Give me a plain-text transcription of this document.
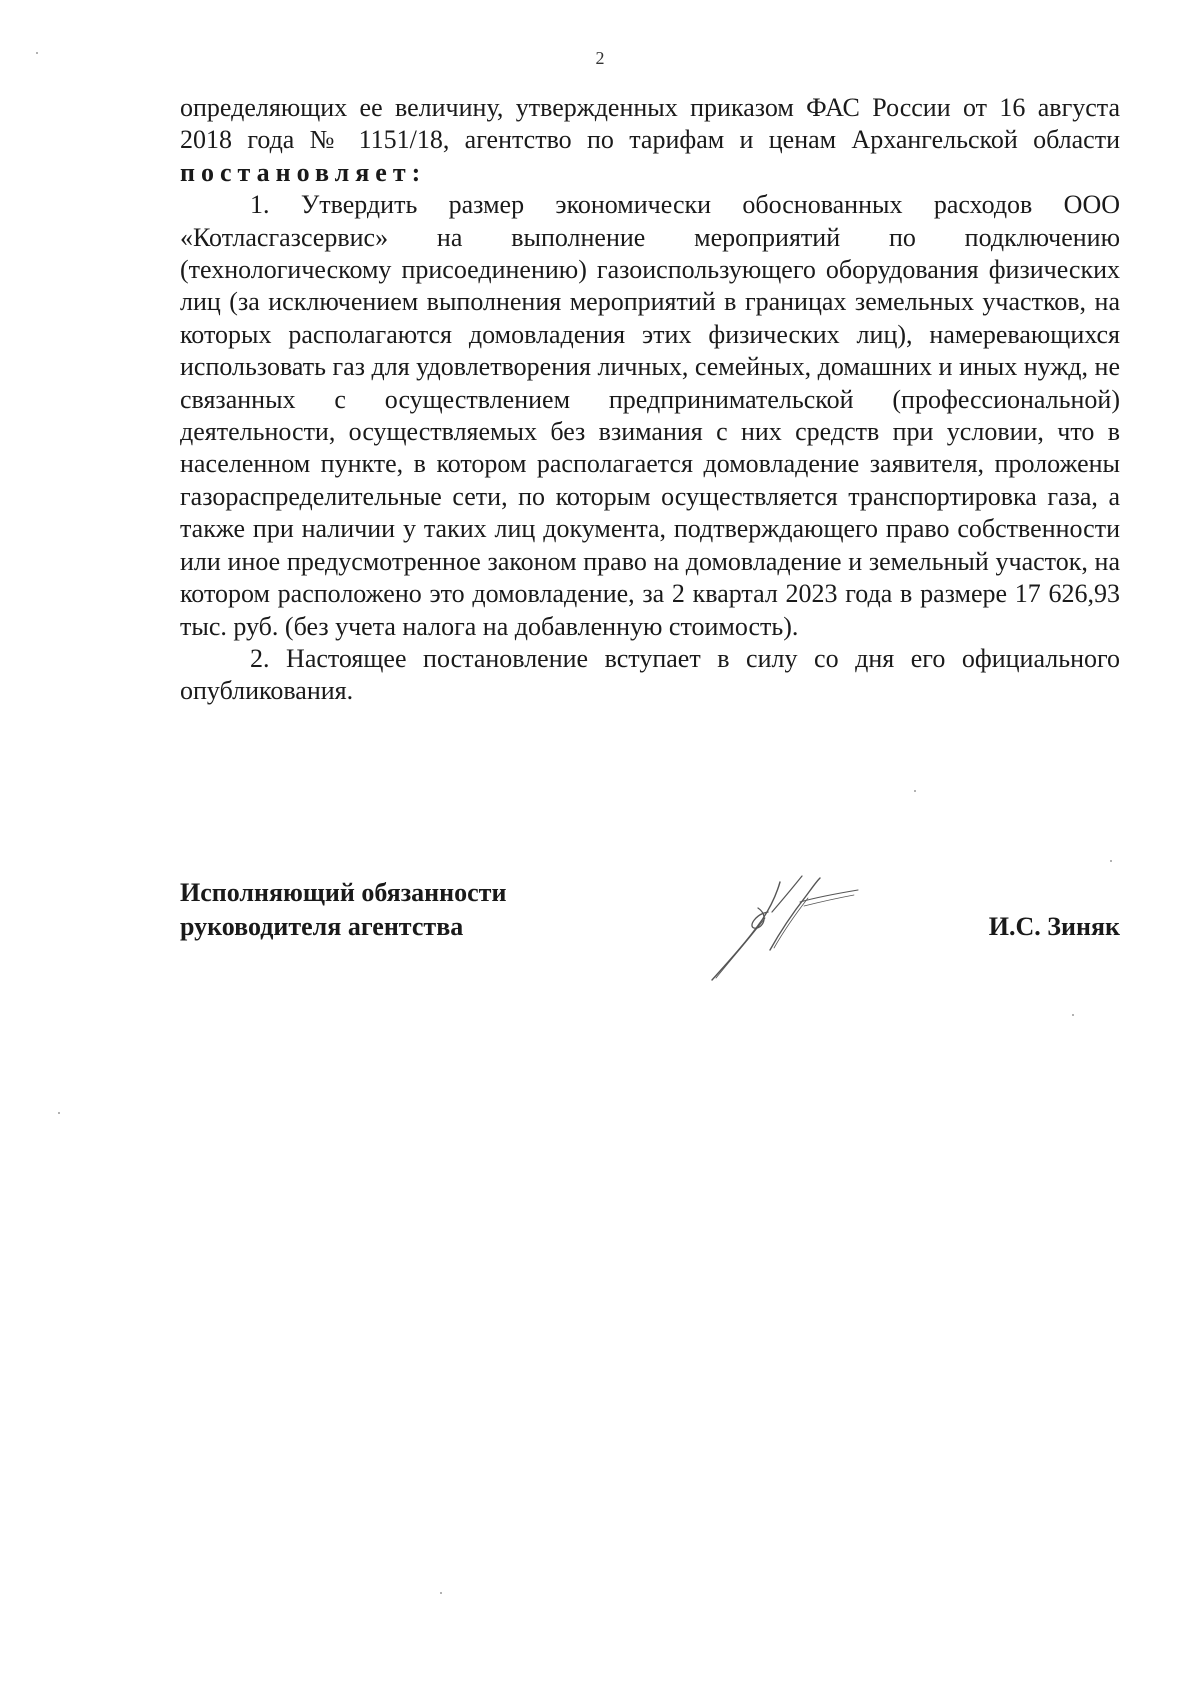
2

определяющих ее величину, утвержденных приказом ФАС России от 16 августа 2018 года № 1151/18, агентство по тарифам и ценам Архангельской области постановляет:

1. Утвердить размер экономически обоснованных расходов ООО «Котласгазсервис» на выполнение мероприятий по подключению (технологическому присоединению) газоиспользующего оборудования физических лиц (за исключением выполнения мероприятий в границах земельных участков, на которых располагаются домовладения этих физических лиц), намеревающихся использовать газ для удовлетворения личных, семейных, домашних и иных нужд, не связанных с осуществлением предпринимательской (профессиональной) деятельности, осуществляемых без взимания с них средств при условии, что в населенном пункте, в котором располагается домовладение заявителя, проложены газораспределительные сети, по которым осуществляется транспортировка газа, а также при наличии у таких лиц документа, подтверждающего право собственности или иное предусмотренное законом право на домовладение и земельный участок, на котором расположено это домовладение, за 2 квартал 2023 года в размере 17 626,93 тыс. руб. (без учета налога на добавленную стоимость).

2. Настоящее постановление вступает в силу со дня его официального опубликования.

Исполняющий обязанности
руководителя агентства	И.С. Зиняк
